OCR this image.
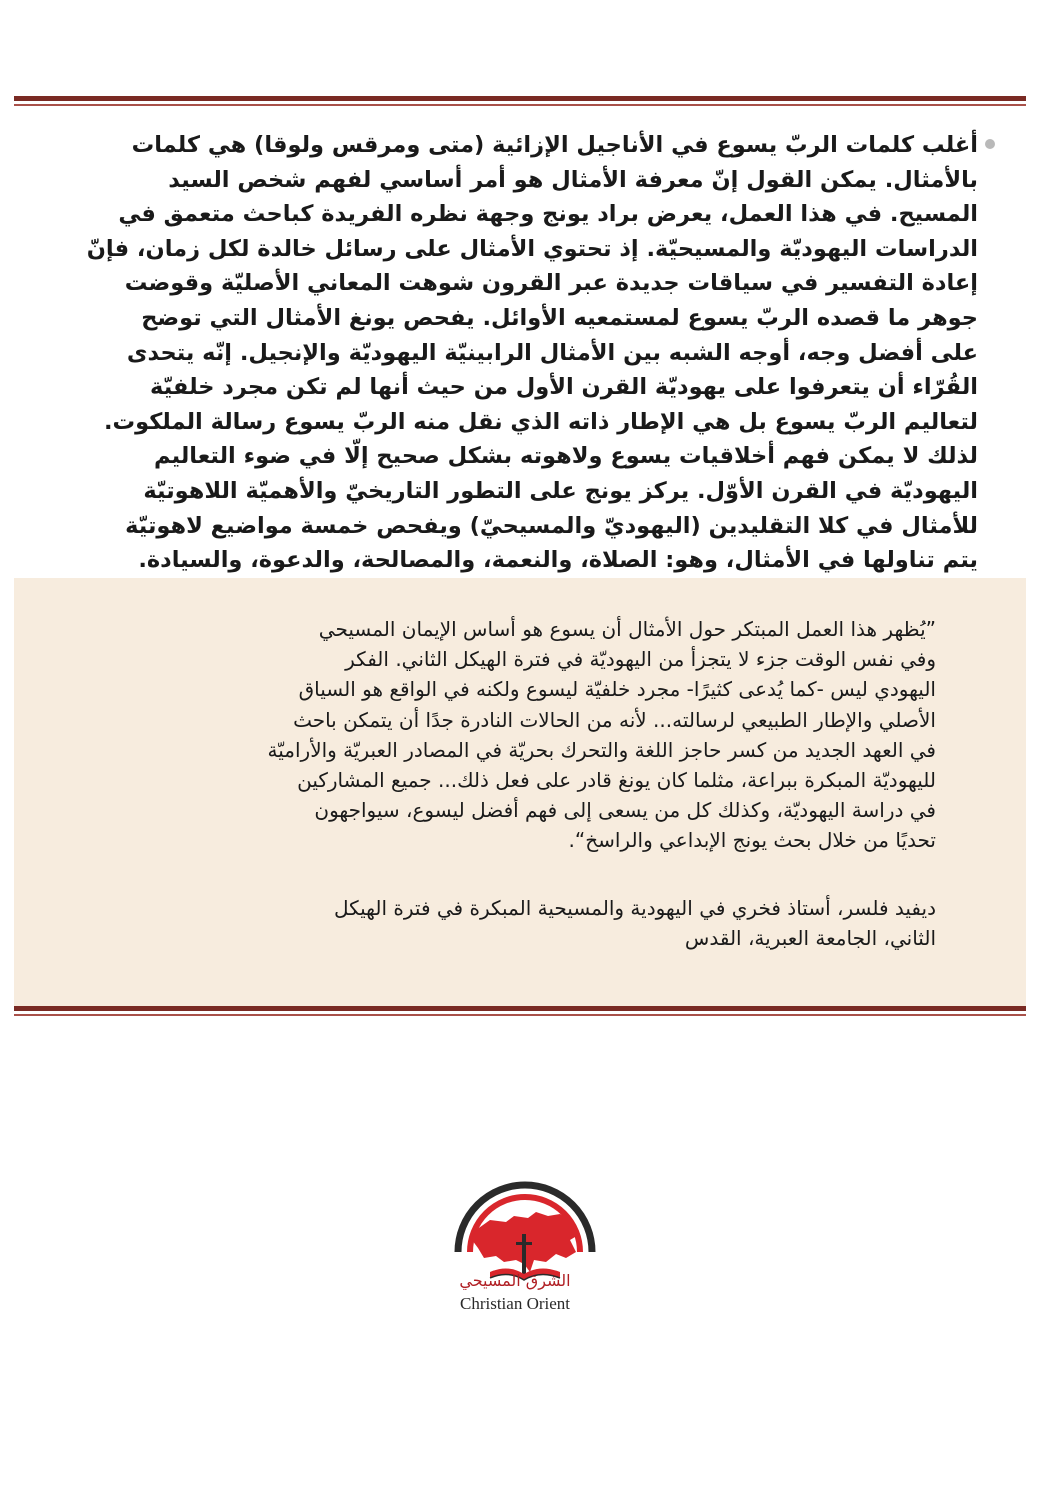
أغلب كلمات الربّ يسوع في الأناجيل الإزائية (متى ومرقس ولوقا) هي كلمات
بالأمثال. يمكن القول إنّ معرفة الأمثال هو أمر أساسي لفهم شخص السيد
المسيح. في هذا العمل، يعرض براد يونج وجهة نظره الفريدة كباحث متعمق في
الدراسات اليهوديّة والمسيحيّة. إذ تحتوي الأمثال على رسائل خالدة لكل زمان، فإنّ
إعادة التفسير في سياقات جديدة عبر القرون شوهت المعاني الأصليّة وقوضت
جوهر ما قصده الربّ يسوع لمستمعيه الأوائل. يفحص يونغ الأمثال التي توضح
على أفضل وجه، أوجه الشبه بين الأمثال الرابينيّة اليهوديّة والإنجيل. إنّه يتحدى
القُرّاء أن يتعرفوا على يهوديّة القرن الأول من حيث أنها لم تكن مجرد خلفيّة
لتعاليم الربّ يسوع بل هي الإطار ذاته الذي نقل منه الربّ يسوع رسالة الملكوت.
لذلك لا يمكن فهم أخلاقيات يسوع ولاهوته بشكل صحيح إلّا في ضوء التعاليم
اليهوديّة في القرن الأوّل. يركز يونج على التطور التاريخيّ والأهميّة اللاهوتيّة
للأمثال في كلا التقليدين (اليهوديّ والمسيحيّ) ويفحص خمسة مواضيع لاهوتيّة
يتم تناولها في الأمثال، وهو: الصلاة، والنعمة، والمصالحة، والدعوة، والسيادة.

”يُظهر هذا العمل المبتكر حول الأمثال أن يسوع هو أساس الإيمان المسيحي
وفي نفس الوقت جزء لا يتجزأ من اليهوديّة في فترة الهيكل الثاني. الفكر
اليهودي ليس -كما يُدعى كثيرًا- مجرد خلفيّة ليسوع ولكنه في الواقع هو السياق
الأصلي والإطار الطبيعي لرسالته... لأنه من الحالات النادرة جدًا أن يتمكن باحث
في العهد الجديد من كسر حاجز اللغة والتحرك بحريّة في المصادر العبريّة والأراميّة
لليهوديّة المبكرة ببراعة، مثلما كان يونغ قادر على فعل ذلك... جميع المشاركين
في دراسة اليهوديّة، وكذلك كل من يسعى إلى فهم أفضل ليسوع، سيواجهون
تحديًا من خلال بحث يونج الإبداعي والراسخ“.

ديفيد فلسر، أستاذ فخري في اليهودية والمسيحية المبكرة في فترة الهيكل
الثاني، الجامعة العبرية، القدس

الشرق المسيحي

Christian Orient
